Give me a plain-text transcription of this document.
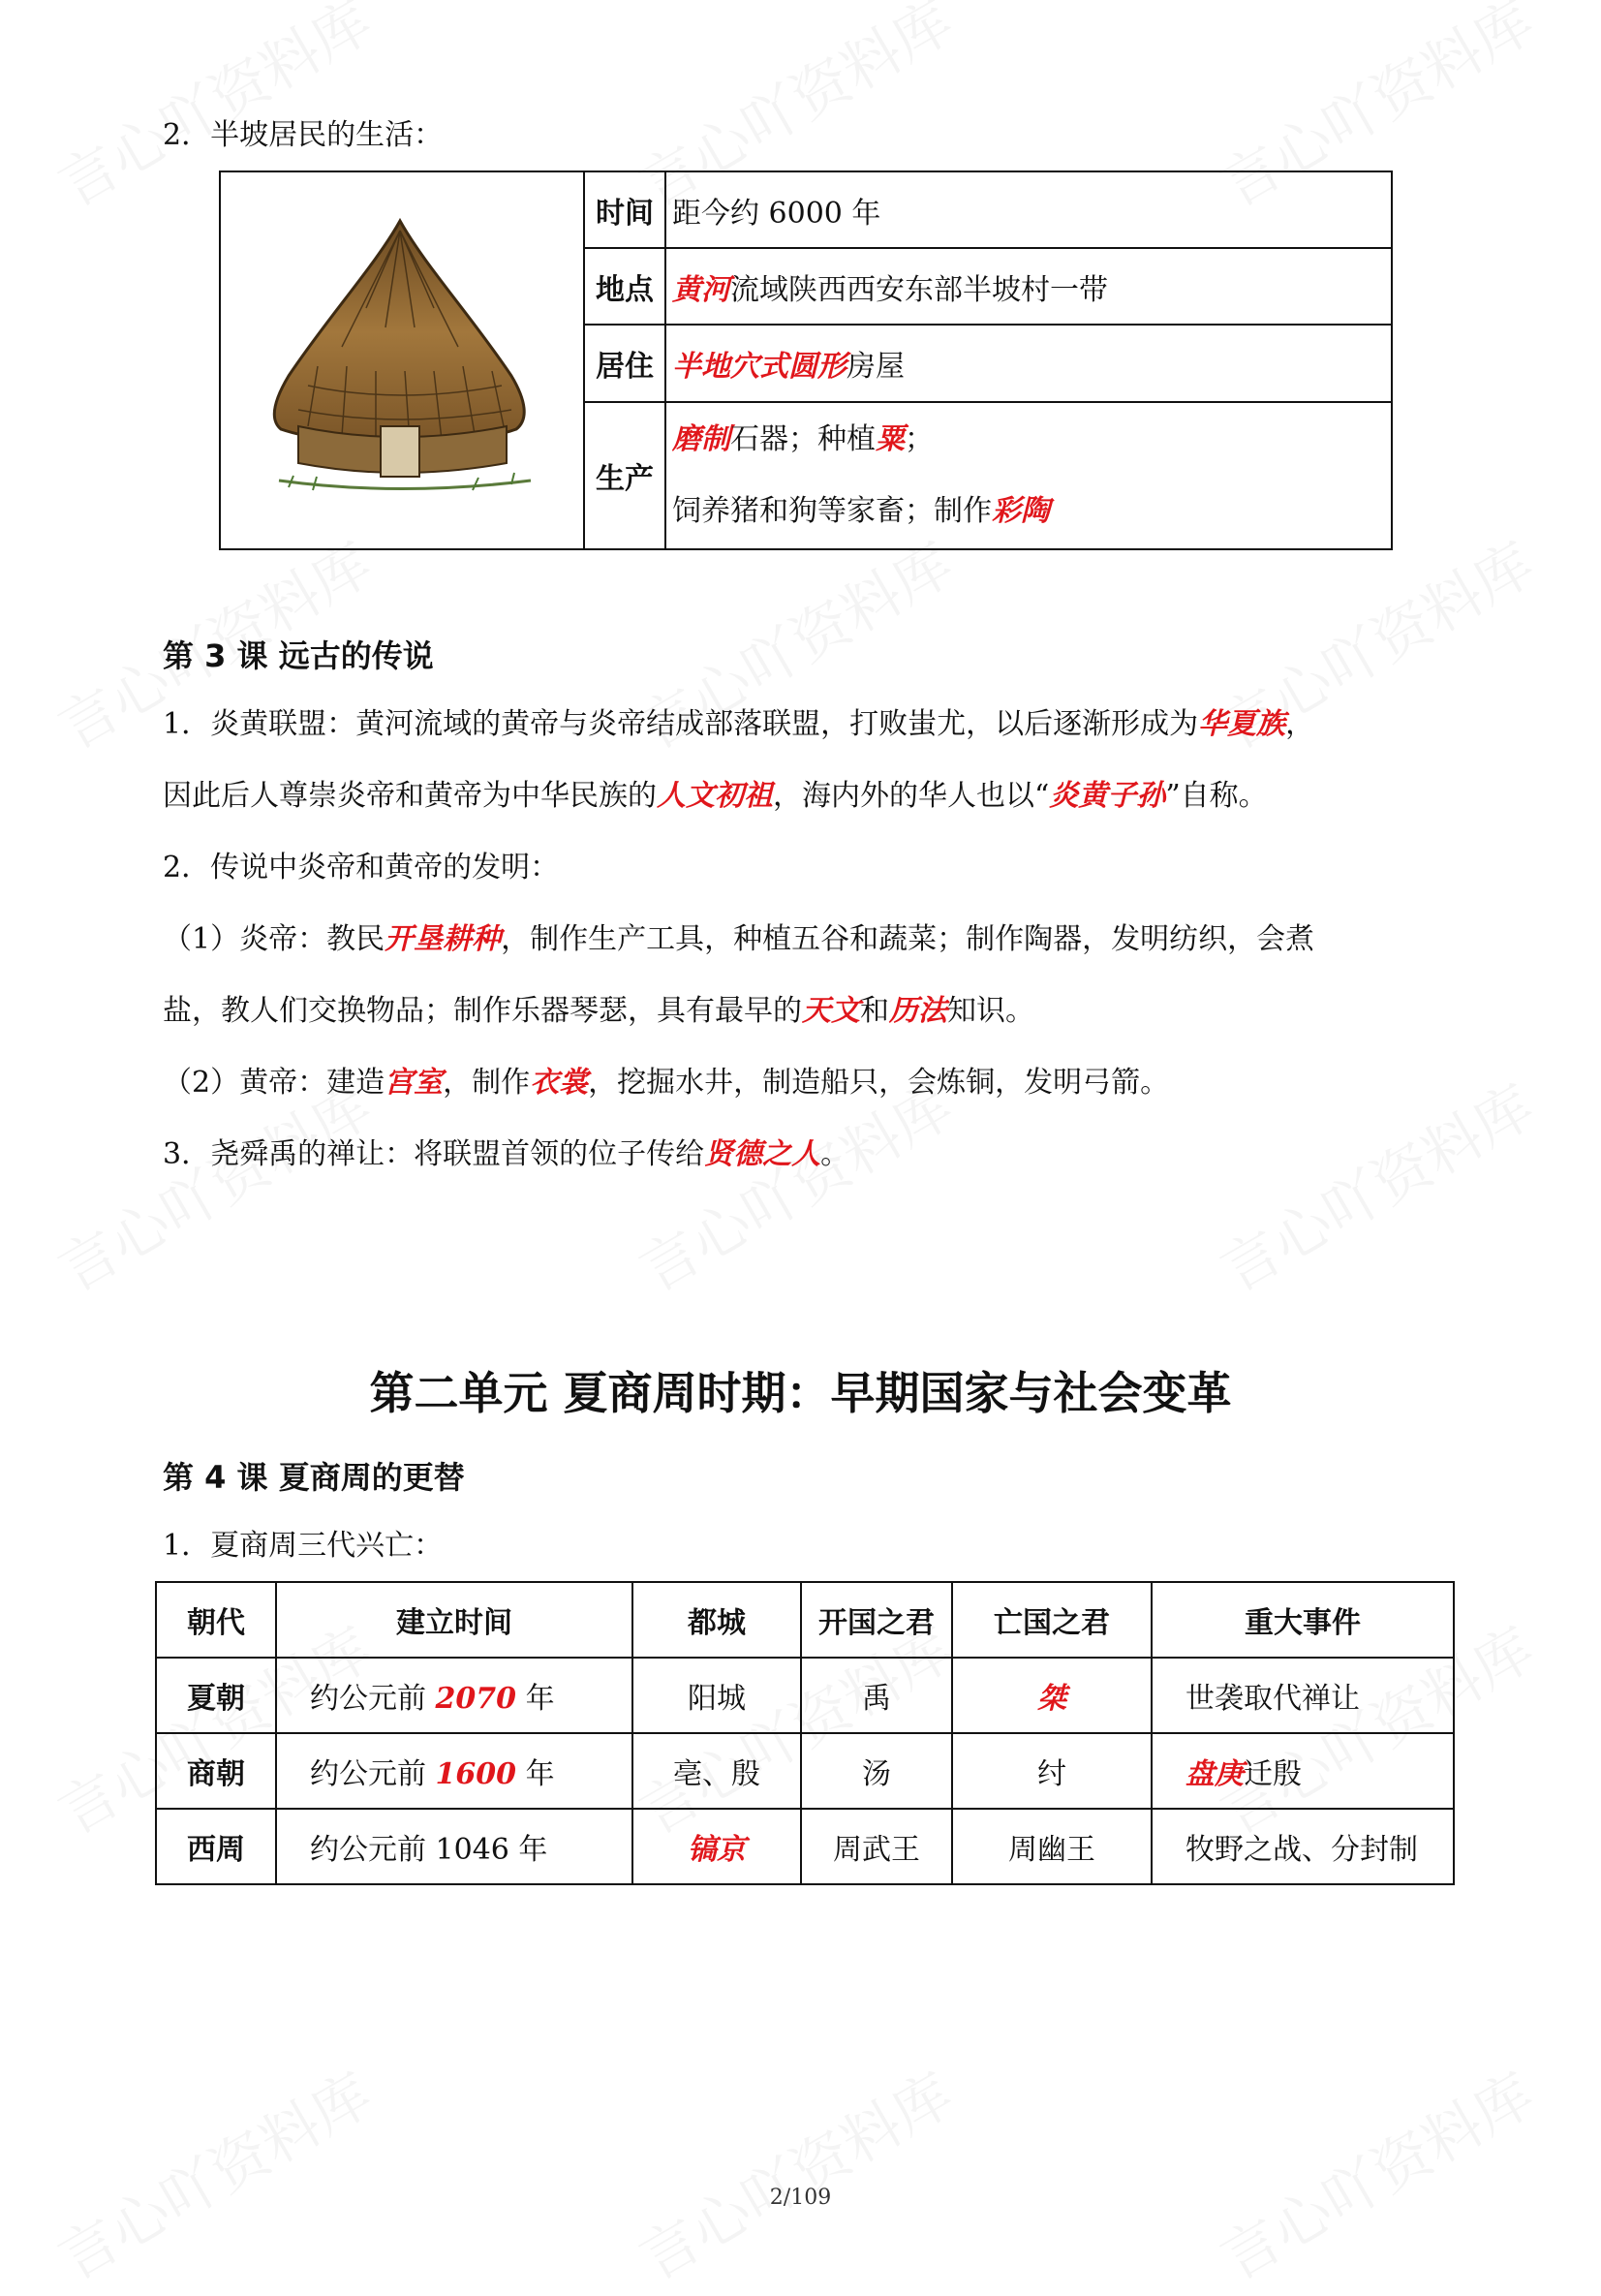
2．半坡居民的生活：
	时间	距今约 6000 年
	地点	黄河流域陕西西安东部半坡村一带
	居住	半地穴式圆形房屋
	生产	磨制石器；种植粟；
饲养猪和狗等家畜；制作彩陶
第 3 课 远古的传说
1．炎黄联盟：黄河流域的黄帝与炎帝结成部落联盟，打败蚩尤，以后逐渐形成为华夏族，
因此后人尊崇炎帝和黄帝为中华民族的人文初祖，海内外的华人也以“炎黄子孙”自称。
2．传说中炎帝和黄帝的发明：
（1）炎帝：教民开垦耕种，制作生产工具，种植五谷和蔬菜；制作陶器，发明纺织，会煮
盐，教人们交换物品；制作乐器琴瑟，具有最早的天文和历法知识。
（2）黄帝：建造宫室，制作衣裳，挖掘水井，制造船只，会炼铜，发明弓箭。
3．尧舜禹的禅让：将联盟首领的位子传给贤德之人。
第二单元 夏商周时期：早期国家与社会变革
第 4 课 夏商周的更替
1．夏商周三代兴亡：
朝代	建立时间	都城	开国之君	亡国之君	重大事件
夏朝	约公元前 2070 年	阳城	禹	桀	世袭取代禅让
商朝	约公元前 1600 年	亳、殷	汤	纣	盘庚迁殷
西周	约公元前 1046 年	镐京	周武王	周幽王	牧野之战、分封制
2/109
